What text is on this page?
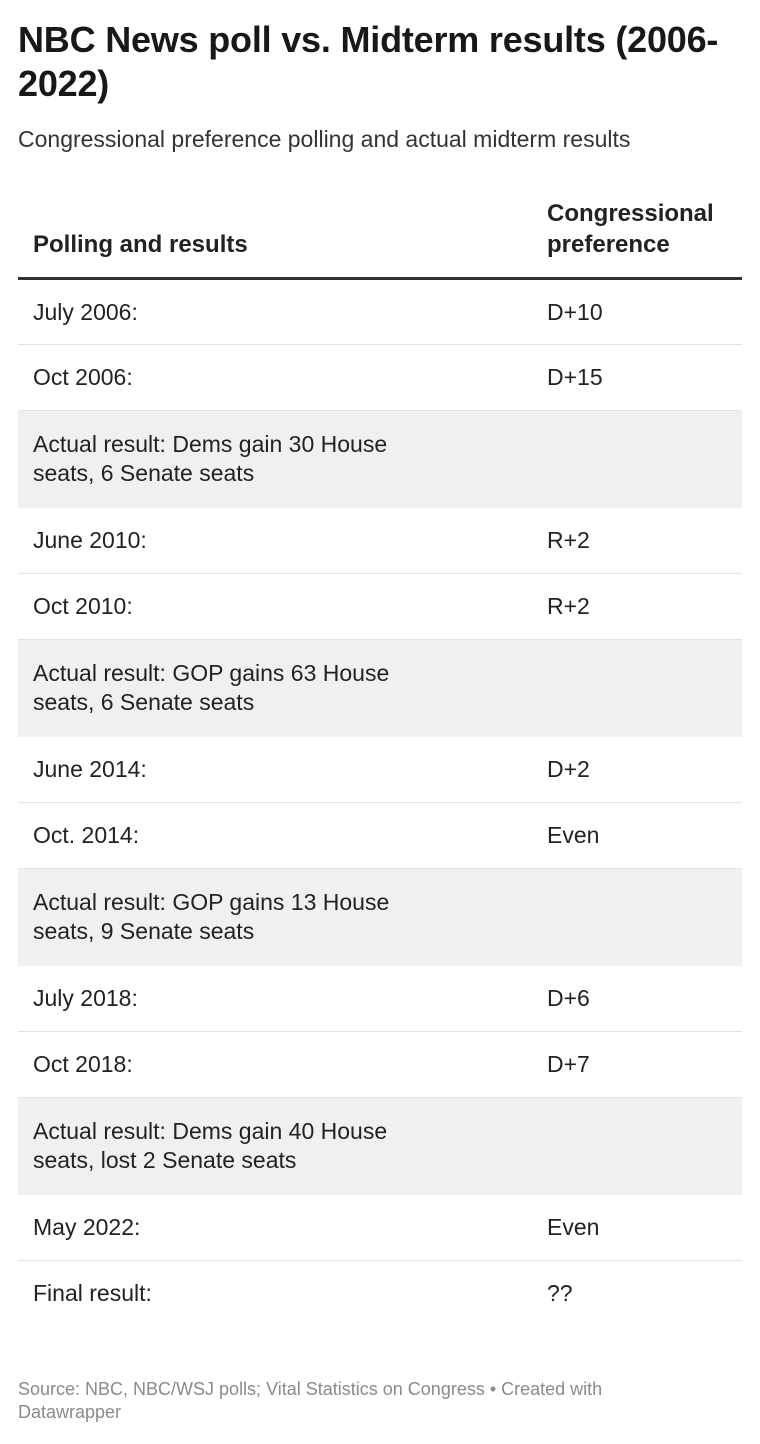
NBC News poll vs. Midterm results (2006-2022)

Congressional preference polling and actual midterm results

Polling and results	Congressional preference
July 2006:	D+10
Oct 2006:	D+15

Actual result: Dems gain 30 House seats, 6 Senate seats	

June 2010:	R+2
Oct 2010:	R+2

Actual result: GOP gains 63 House seats, 6 Senate seats	

June 2014:	D+2
Oct. 2014:	Even

Actual result: GOP gains 13 House seats, 9 Senate seats	

July 2018:	D+6
Oct 2018:	D+7

Actual result: Dems gain 40 House seats, lost 2 Senate seats	

May 2022:	Even
Final result:	??
Source: NBC, NBC/WSJ polls; Vital Statistics on Congress • Created with Datawrapper
